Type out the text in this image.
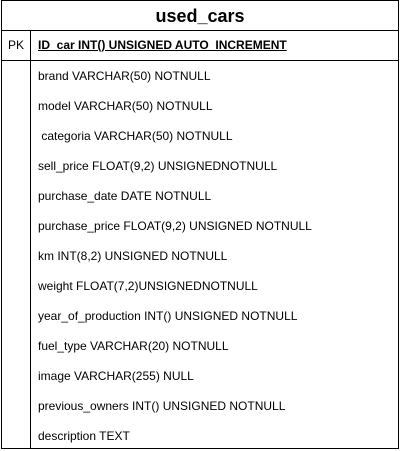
used_cars
PK	ID_car INT() UNSIGNED AUTO_INCREMENT
brand VARCHAR(50) NOTNULL
model VARCHAR(50) NOTNULL
categoria VARCHAR(50) NOTNULL
sell_price FLOAT(9,2) UNSIGNEDNOTNULL
purchase_date DATE NOTNULL
purchase_price FLOAT(9,2) UNSIGNED NOTNULL
km INT(8,2) UNSIGNED NOTNULL
weight FLOAT(7,2)UNSIGNEDNOTNULL
year_of_production INT() UNSIGNED NOTNULL
fuel_type VARCHAR(20) NOTNULL
image VARCHAR(255) NULL
previous_owners INT() UNSIGNED NOTNULL
description TEXT
